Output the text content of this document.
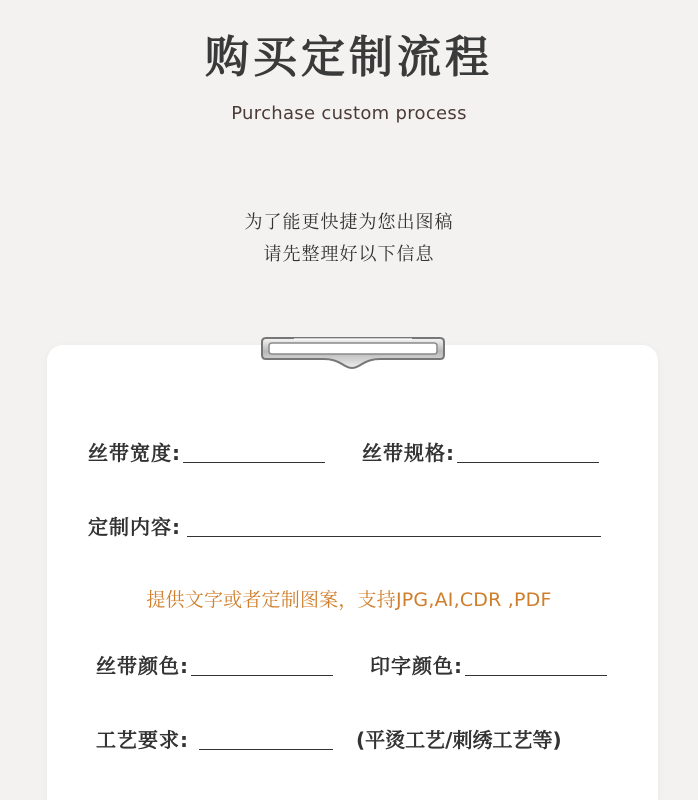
购买定制流程
Purchase custom process
为了能更快捷为您出图稿
请先整理好以下信息
丝带宽度:	丝带规格:
定制内容:
提供文字或者定制图案，支持JPG,AI,CDR ,PDF
丝带颜色:	印字颜色:
工艺要求:	(平烫工艺/刺绣工艺等)
